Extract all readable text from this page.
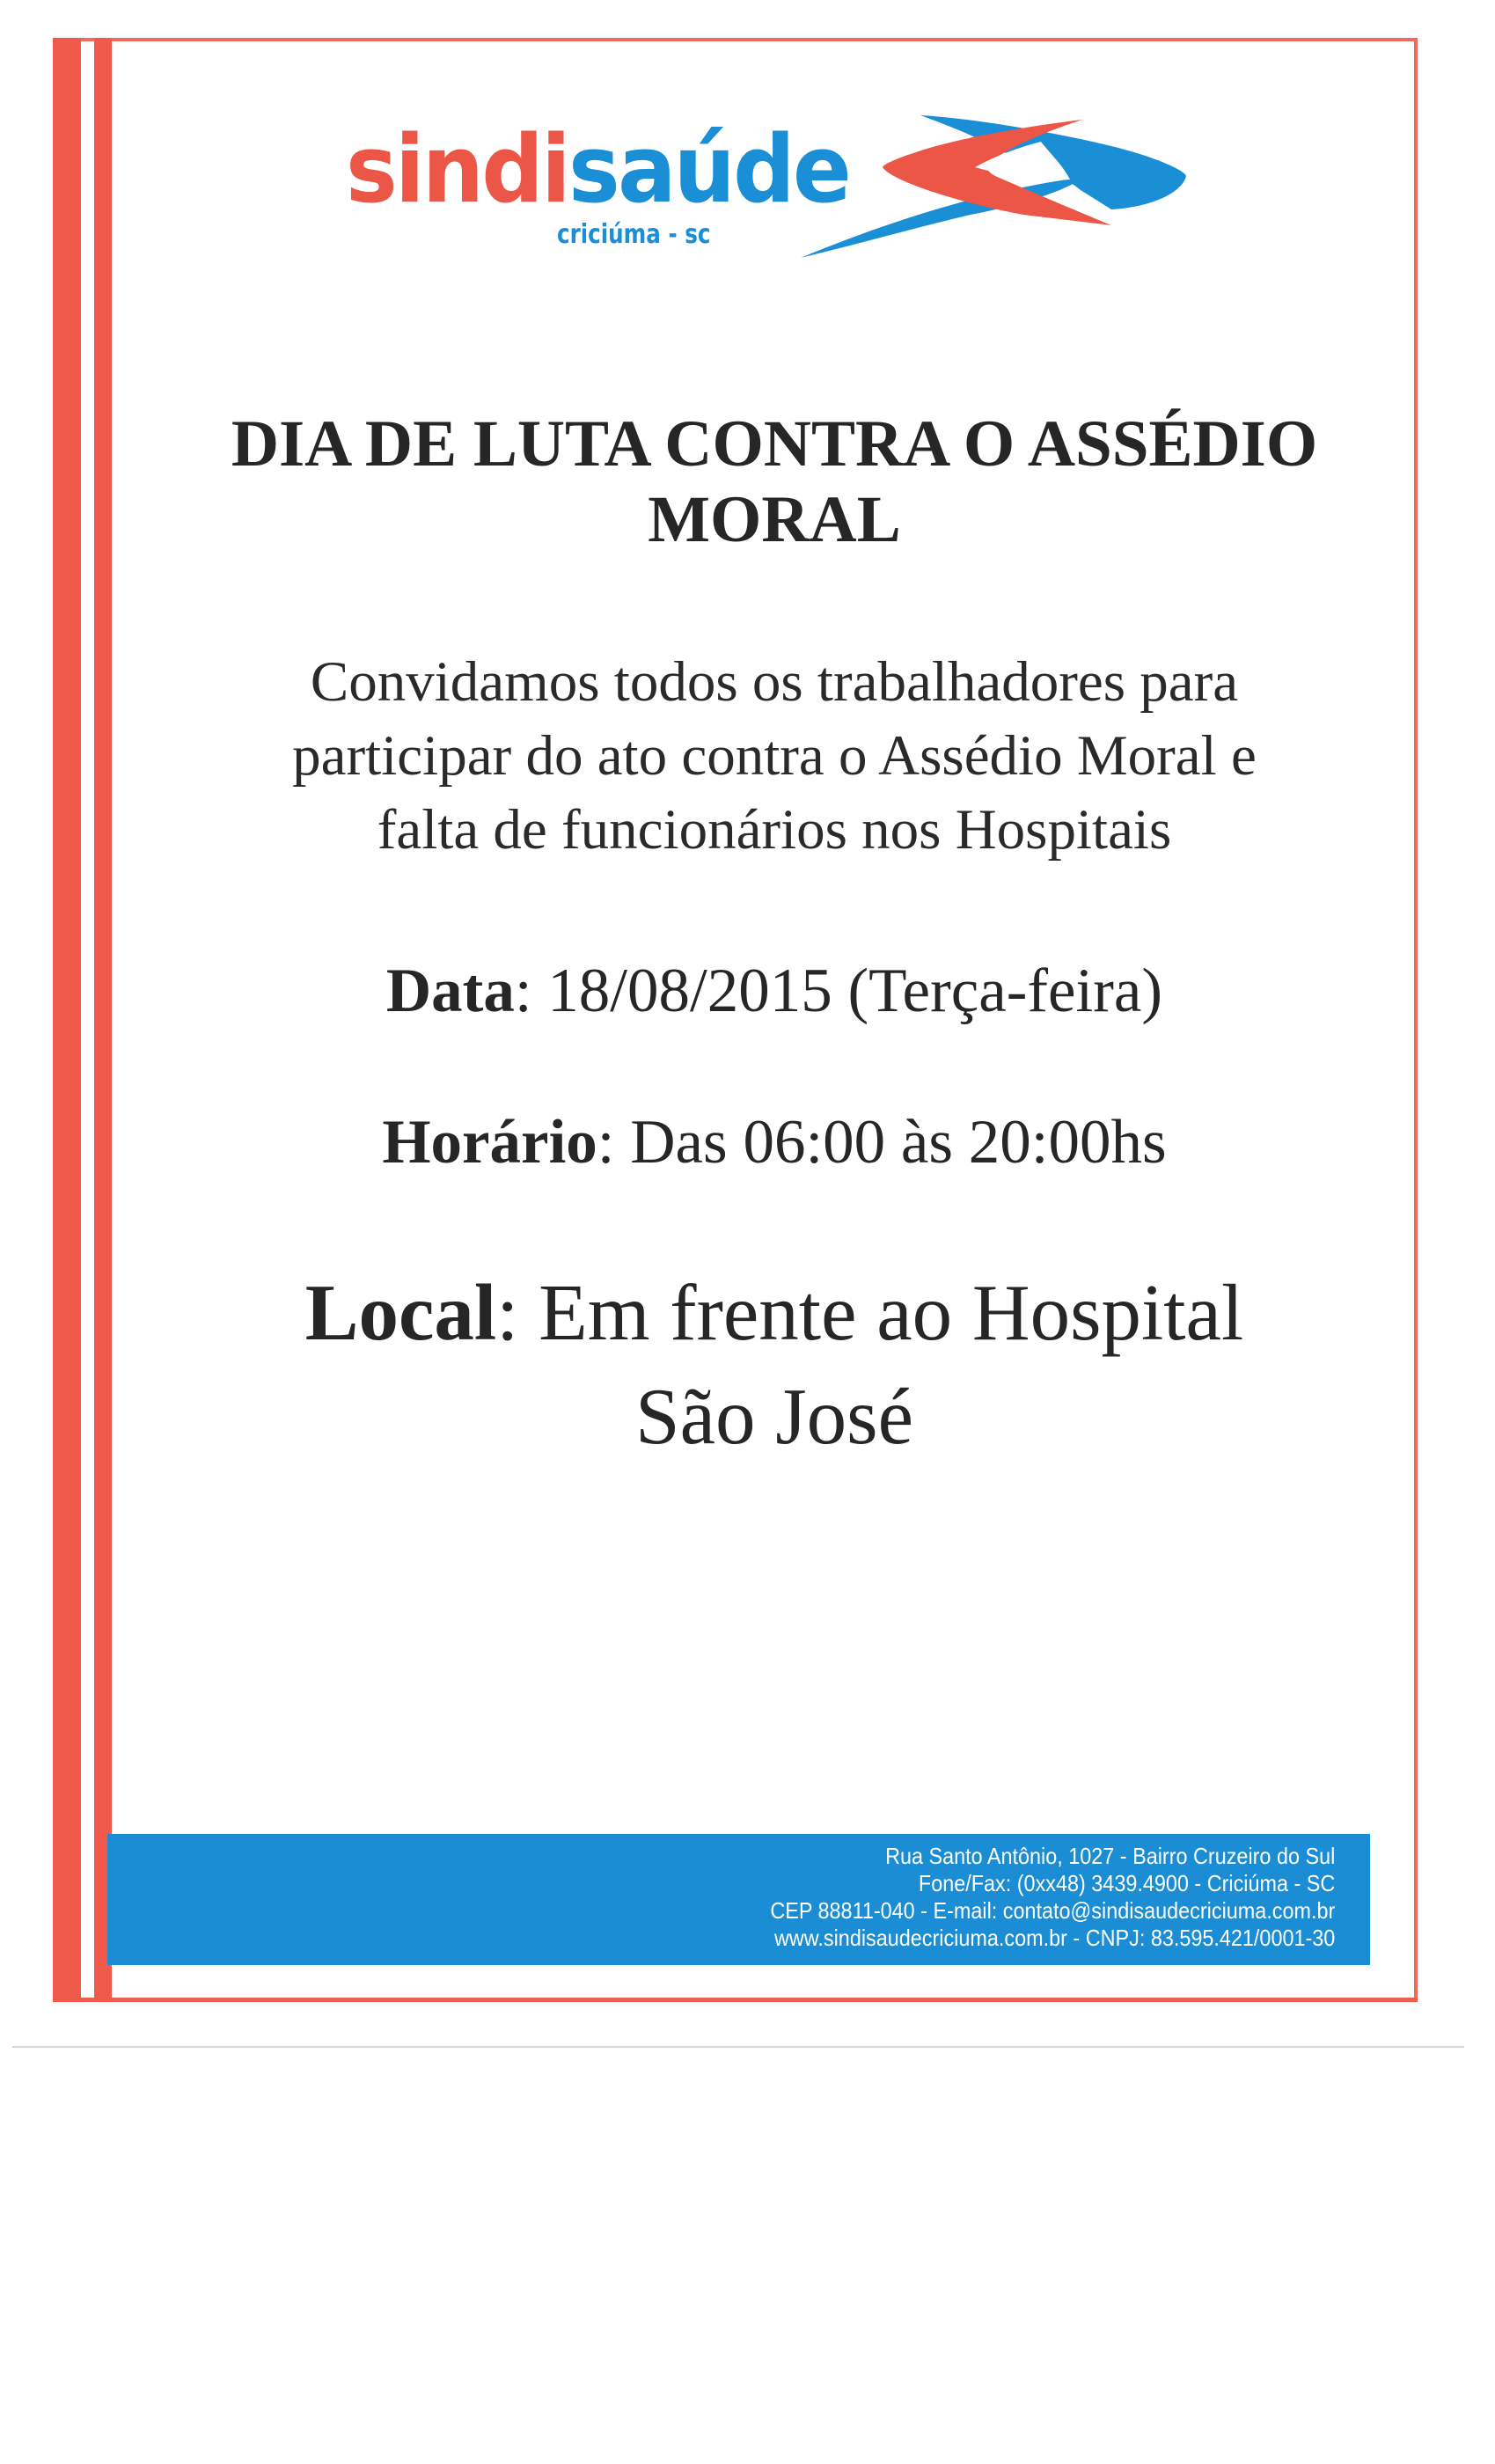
sindisaúde
criciúma - sc
DIA DE LUTA CONTRA O ASSÉDIO
MORAL
Convidamos todos os trabalhadores para
participar do ato contra o Assédio Moral e
falta de funcionários nos Hospitais
Data: 18/08/2015 (Terça-feira)
Horário: Das 06:00 às 20:00hs
Local: Em frente ao Hospital
São José
Rua Santo Antônio, 1027 - Bairro Cruzeiro do Sul
Fone/Fax: (0xx48) 3439.4900 - Criciúma - SC
CEP 88811-040 - E-mail: contato@sindisaudecriciuma.com.br
www.sindisaudecriciuma.com.br - CNPJ: 83.595.421/0001-30
